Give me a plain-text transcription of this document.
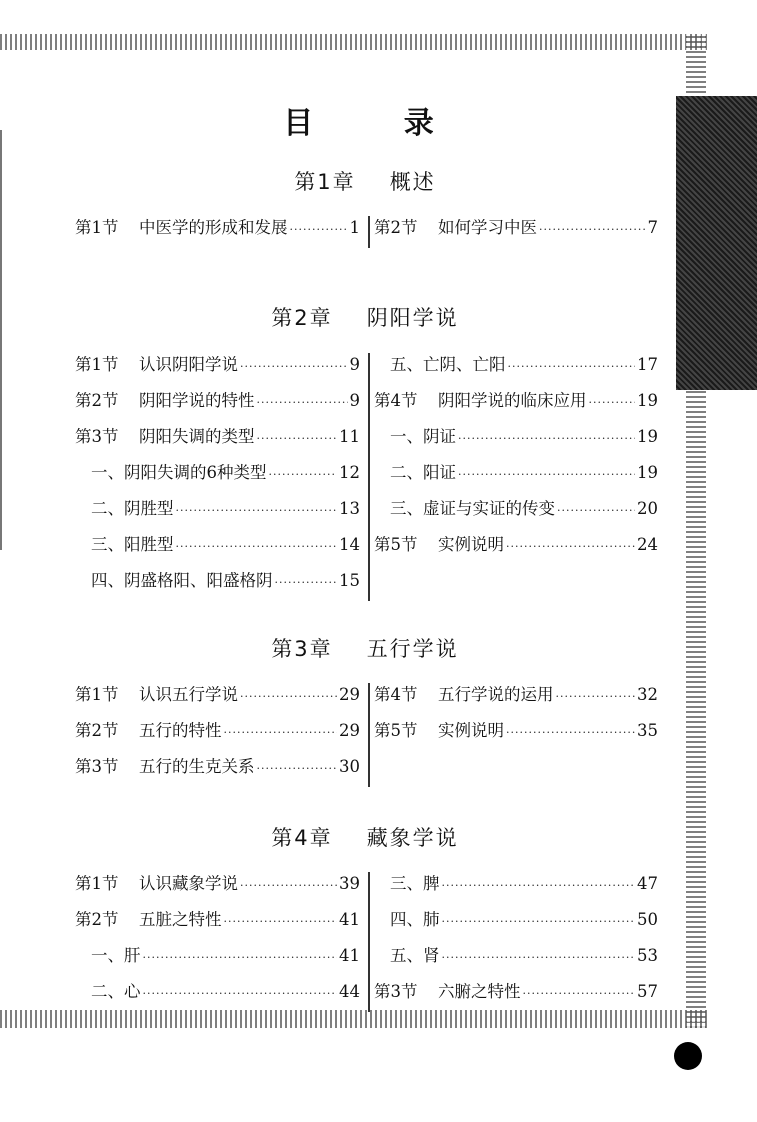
目 录
第1章 概述
第1节	中医学的形成和发展 ·····	1 第2节	如何学习中医 ·····	7
第2章 阴阳学说
第1节	认识阴阳学说 ·····	9
第2节	阴阳学说的特性 ·····	9
第3节	阴阳失调的类型 ·····	11
一、阴阳失调的6种类型 ·····	12
二、阴胜型 ·····	13
三、阳胜型 ·····	14
四、阴盛格阳、阳盛格阴 ·····	15
五、亡阴、亡阳 ·····	17
第4节	阴阳学说的临床应用 ·····	19
一、阴证 ·····	19
二、阳证 ·····	19
三、虚证与实证的传变 ·····	20
第5节	实例说明 ·····	24
第3章 五行学说
第1节	认识五行学说 ·····	29
第2节	五行的特性 ·····	29
第3节	五行的生克关系 ·····	30
第4节	五行学说的运用 ·····	32
第5节	实例说明 ·····	35
第4章 藏象学说
第1节	认识藏象学说 ·····	39
第2节	五脏之特性 ·····	41
一、肝 ·····	41
二、心 ·····	44
三、脾 ·····	47
四、肺 ·····	50
五、肾 ·····	53
第3节	六腑之特性 ·····	57
